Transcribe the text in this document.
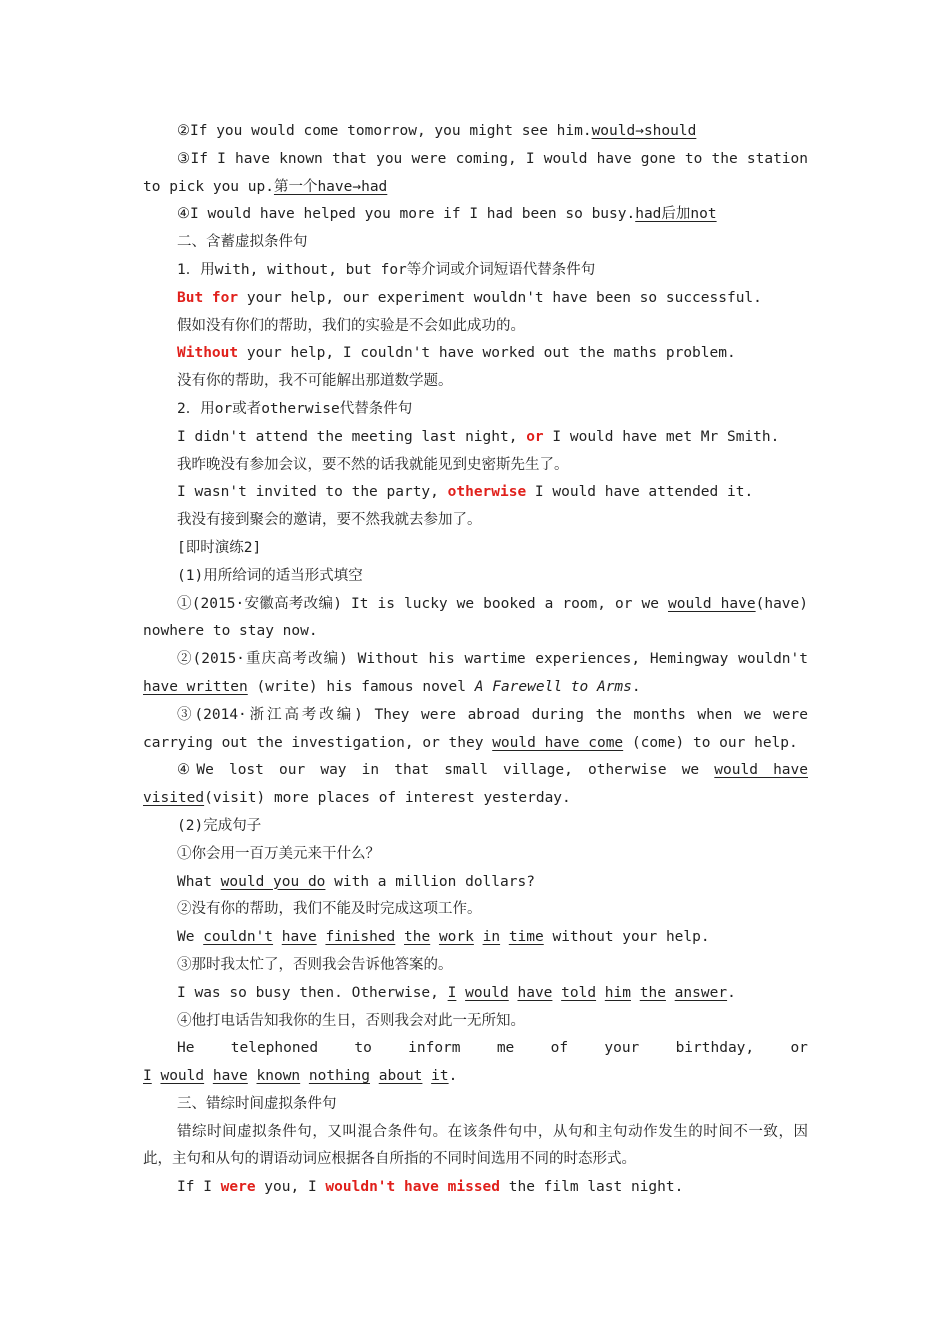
②If you would come tomorrow, you might see him.would→should

③If I have known that you were coming, I would have gone to the station to pick you up.第一个have→had

④I would have helped you more if I had been so busy.had后加not

二、含蓄虚拟条件句

1．用with, without, but for等介词或介词短语代替条件句

But for your help, our experiment wouldn't have been so successful.

假如没有你们的帮助，我们的实验是不会如此成功的。

Without your help, I couldn't have worked out the maths problem.

没有你的帮助，我不可能解出那道数学题。

2．用or或者otherwise代替条件句

I didn't attend the meeting last night, or I would have met Mr Smith.

我昨晚没有参加会议，要不然的话我就能见到史密斯先生了。

I wasn't invited to the party, otherwise I would have attended it.

我没有接到聚会的邀请，要不然我就去参加了。

[即时演练2]

(1)用所给词的适当形式填空

①(2015·安徽高考改编) It is lucky we booked a room, or we would have(have) nowhere to stay now.

②(2015·重庆高考改编) Without his wartime experiences, Hemingway wouldn't have written (write) his famous novel A Farewell to Arms.

③(2014·浙江高考改编) They were abroad during the months when we were carrying out the investigation, or they would have come (come) to our help.

④We lost our way in that small village, otherwise we would have visited(visit) more places of interest yesterday.

(2)完成句子

①你会用一百万美元来干什么？

What would you do with a million dollars?

②没有你的帮助，我们不能及时完成这项工作。

We couldn't have finished the work in time without your help.

③那时我太忙了，否则我会告诉他答案的。

I was so busy then. Otherwise, I would have told him the answer.

④他打电话告知我你的生日，否则我会对此一无所知。

He	telephoned	to	inform	me	of	your	birthday,	or

I would have known nothing about it.

三、错综时间虚拟条件句

错综时间虚拟条件句，又叫混合条件句。在该条件句中，从句和主句动作发生的时间不一致，因此，主句和从句的谓语动词应根据各自所指的不同时间选用不同的时态形式。

If I were you, I wouldn't have missed the film last night.
